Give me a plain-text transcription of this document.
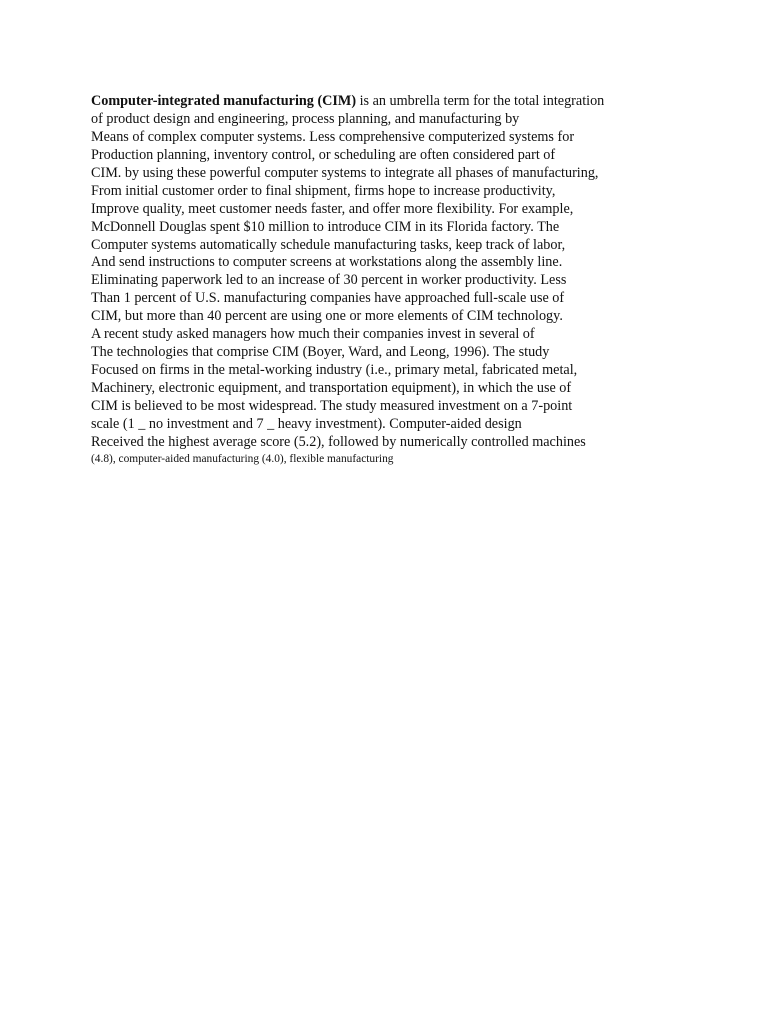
Computer-integrated manufacturing (CIM) is an umbrella term for the total integration
of product design and engineering, process planning, and manufacturing by
Means of complex computer systems. Less comprehensive computerized systems for
Production planning, inventory control, or scheduling are often considered part of
CIM. by using these powerful computer systems to integrate all phases of manufacturing,
From initial customer order to final shipment, firms hope to increase productivity,
Improve quality, meet customer needs faster, and offer more flexibility. For example,
McDonnell Douglas spent $10 million to introduce CIM in its Florida factory. The
Computer systems automatically schedule manufacturing tasks, keep track of labor,
And send instructions to computer screens at workstations along the assembly line.
Eliminating paperwork led to an increase of 30 percent in worker productivity. Less
Than 1 percent of U.S. manufacturing companies have approached full-scale use of
CIM, but more than 40 percent are using one or more elements of CIM technology.
A recent study asked managers how much their companies invest in several of
The technologies that comprise CIM (Boyer, Ward, and Leong, 1996). The study
Focused on firms in the metal-working industry (i.e., primary metal, fabricated metal,
Machinery, electronic equipment, and transportation equipment), in which the use of
CIM is believed to be most widespread. The study measured investment on a 7-point
scale (1 _ no investment and 7 _ heavy investment). Computer-aided design
Received the highest average score (5.2), followed by numerically controlled machines
(4.8), computer-aided manufacturing (4.0), flexible manufacturing
